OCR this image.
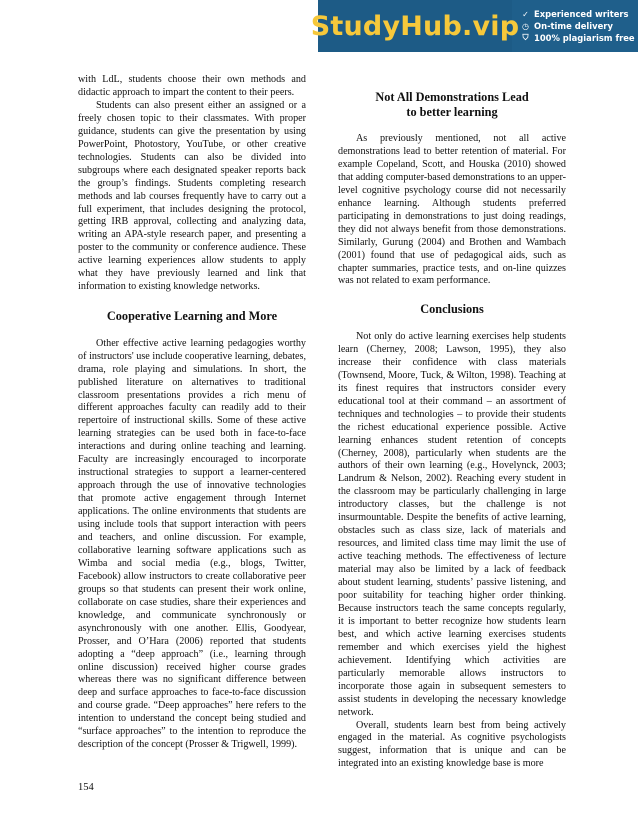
StudyHub.vip ✓ Experienced writers
◷ On-time delivery
⛉ 100% plagiarism free

with LdL, students choose their own methods and didactic approach to impart the content to their peers.

Students can also present either an assigned or a freely chosen topic to their classmates. With proper guidance, students can give the presentation by using PowerPoint, Photostory, YouTube, or other creative technologies. Students can also be divided into subgroups where each designated speaker reports back the group’s findings. Students completing research methods and lab courses frequently have to carry out a full experiment, that includes designing the protocol, getting IRB approval, collecting and analyzing data, writing an APA-style research paper, and presenting a poster to the community or conference audience. These active learning experiences allow students to apply what they have previously learned and link that information to existing knowledge networks.

Cooperative Learning and More

Other effective active learning pedagogies worthy of instructors' use include cooperative learning, debates, drama, role playing and simulations. In short, the published literature on alternatives to traditional classroom presentations provides a rich menu of different approaches faculty can readily add to their repertoire of instructional skills. Some of these active learning strategies can be used both in face-to-face interactions and during online teaching and learning. Faculty are increasingly encouraged to incorporate instructional strategies to support a learner-centered approach through the use of innovative technologies that promote active engagement through Internet applications. The online environments that students are using include tools that support interaction with peers and teachers, and online discussion. For example, collaborative learning software applications such as Wimba and social media (e.g., blogs, Twitter, Facebook) allow instructors to create collaborative peer groups so that students can present their work online, collaborate on case studies, share their experiences and knowledge, and communicate synchronously or asynchronously with one another. Ellis, Goodyear, Prosser, and O’Hara (2006) reported that students adopting a “deep approach” (i.e., learning through online discussion) received higher course grades whereas there was no significant difference between deep and surface approaches to face-to-face discussion and course grade. “Deep approaches” here refers to the intention to understand the concept being studied and “surface approaches” to the intention to reproduce the description of the concept (Prosser & Trigwell, 1999).

Not All Demonstrations Lead
to better learning

As previously mentioned, not all active demonstrations lead to better retention of material. For example Copeland, Scott, and Houska (2010) showed that adding computer-based demonstrations to an upper-level cognitive psychology course did not necessarily enhance learning. Although students preferred participating in demonstrations to just doing readings, they did not always benefit from those demonstrations. Similarly, Gurung (2004) and Brothen and Wambach (2001) found that use of pedagogical aids, such as chapter summaries, practice tests, and on-line quizzes was not related to exam performance.

Conclusions

Not only do active learning exercises help students learn (Cherney, 2008; Lawson, 1995), they also increase their confidence with class materials (Townsend, Moore, Tuck, & Wilton, 1998). Teaching at its finest requires that instructors consider every educational tool at their command – an assortment of techniques and technologies – to provide their students the richest educational experience possible. Active learning enhances student retention of concepts (Cherney, 2008), particularly when students are the authors of their own learning (e.g., Hovelynck, 2003; Landrum & Nelson, 2002). Reaching every student in the classroom may be particularly challenging in large introductory classes, but the challenge is not insurmountable. Despite the benefits of active learning, obstacles such as class size, lack of materials and resources, and limited class time may limit the use of active teaching methods. The effectiveness of lecture material may also be limited by a lack of feedback about student learning, students’ passive listening, and poor suitability for teaching higher order thinking. Because instructors teach the same concepts regularly, it is important to better recognize how students learn best, and which active learning exercises students remember and which exercises yield the highest achievement. Identifying which activities are particularly memorable allows instructors to incorporate those again in subsequent semesters to assist students in developing the necessary knowledge network.

Overall, students learn best from being actively engaged in the material. As cognitive psychologists suggest, information that is unique and can be integrated into an existing knowledge base is more

154
